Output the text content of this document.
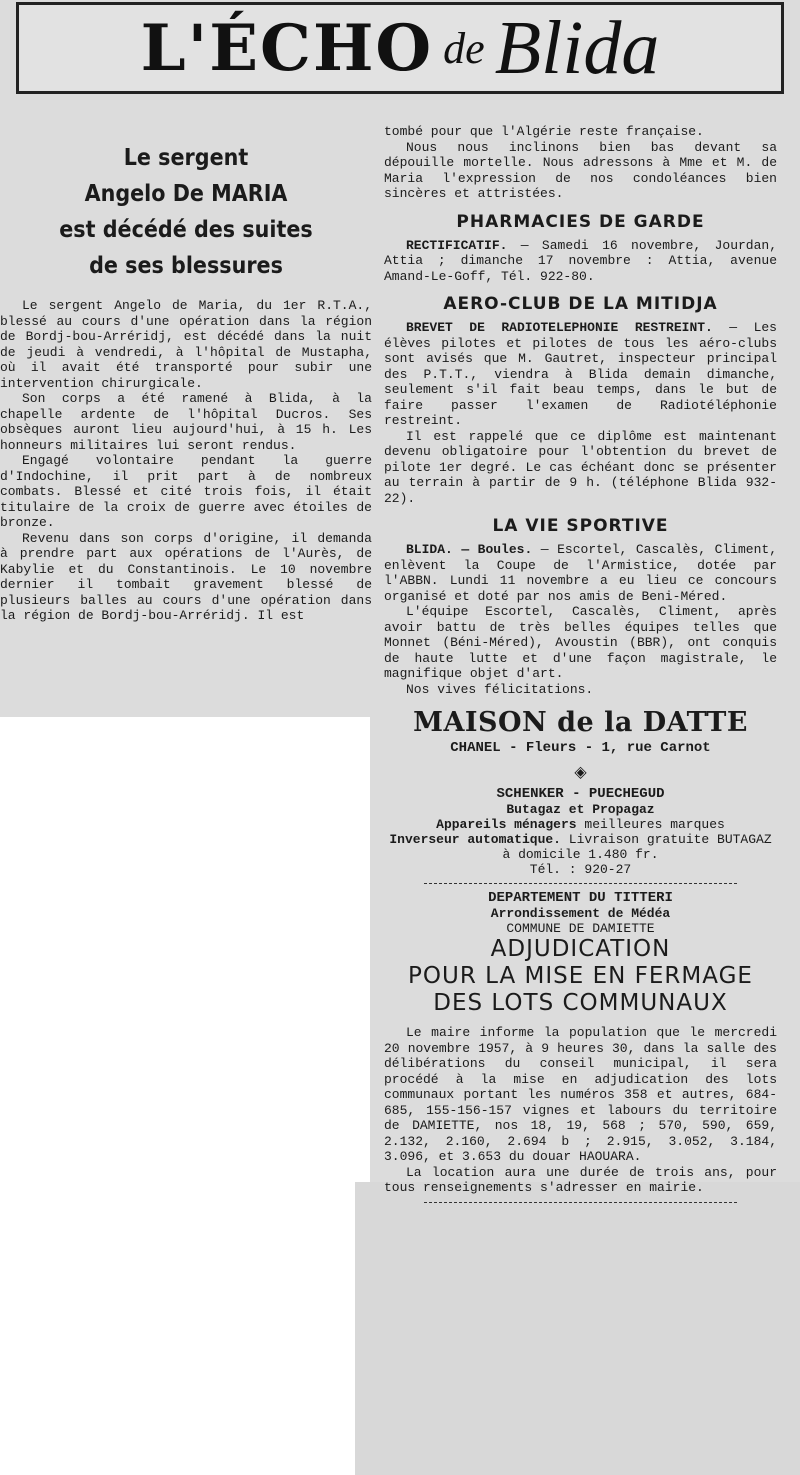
L'ÉCHO de Blida
Le sergent
Angelo De MARIA
est décédé des suites
de ses blessures

Le sergent Angelo de Maria, du 1er R.T.A., blessé au cours d'une opération dans la région de Bordj-bou-Arréridj, est décédé dans la nuit de jeudi à vendredi, à l'hôpital de Mustapha, où il avait été transporté pour subir une intervention chirurgicale.

Son corps a été ramené à Blida, à la chapelle ardente de l'hôpital Ducros. Ses obsèques auront lieu aujourd'hui, à 15 h. Les honneurs militaires lui seront rendus.

Engagé volontaire pendant la guerre d'Indochine, il prit part à de nombreux combats. Blessé et cité trois fois, il était titulaire de la croix de guerre avec étoiles de bronze.

Revenu dans son corps d'origine, il demanda à prendre part aux opérations de l'Aurès, de Kabylie et du Constantinois. Le 10 novembre dernier il tombait gravement blessé de plusieurs balles au cours d'une opération dans la région de Bordj-bou-Arréridj. Il est

tombé pour que l'Algérie reste française.

Nous nous inclinons bien bas devant sa dépouille mortelle. Nous adressons à Mme et M. de Maria l'expression de nos condoléances bien sincères et attristées.

PHARMACIES DE GARDE

RECTIFICATIF. — Samedi 16 novembre, Jourdan, Attia ; dimanche 17 novembre : Attia, avenue Amand-Le-Goff, Tél. 922-80.

AERO-CLUB DE LA MITIDJA

BREVET DE RADIOTELEPHONIE RESTREINT. — Les élèves pilotes et pilotes de tous les aéro-clubs sont avisés que M. Gautret, inspecteur principal des P.T.T., viendra à Blida demain dimanche, seulement s'il fait beau temps, dans le but de faire passer l'examen de Radiotéléphonie restreint.

Il est rappelé que ce diplôme est maintenant devenu obligatoire pour l'obtention du brevet de pilote 1er degré. Le cas échéant donc se présenter au terrain à partir de 9 h. (téléphone Blida 932-22).

LA VIE SPORTIVE

BLIDA. — Boules. — Escortel, Cascalès, Climent, enlèvent la Coupe de l'Armistice, dotée par l'ABBN. Lundi 11 novembre a eu lieu ce concours organisé et doté par nos amis de Beni-Méred.

L'équipe Escortel, Cascalès, Climent, après avoir battu de très belles équipes telles que Monnet (Béni-Méred), Avoustin (BBR), ont conquis de haute lutte et d'une façon magistrale, le magnifique objet d'art.

Nos vives félicitations.

MAISON de la DATTE
CHANEL - Fleurs - 1, rue Carnot
◈
SCHENKER - PUECHEGUD
Butagaz et Propagaz
Appareils ménagers meilleures marques
Inverseur automatique. Livraison gratuite BUTAGAZ à domicile 1.480 fr.
Tél. : 920-27
DEPARTEMENT DU TITTERI
Arrondissement de Médéa
COMMUNE DE DAMIETTE
ADJUDICATION
POUR LA MISE EN FERMAGE
DES LOTS COMMUNAUX

Le maire informe la population que le mercredi 20 novembre 1957, à 9 heures 30, dans la salle des délibérations du conseil municipal, il sera procédé à la mise en adjudication des lots communaux portant les numéros 358 et autres, 684-685, 155-156-157 vignes et labours du territoire de DAMIETTE, nos 18, 19, 568 ; 570, 590, 659, 2.132, 2.160, 2.694 b ; 2.915, 3.052, 3.184, 3.096, et 3.653 du douar HAOUARA.

La location aura une durée de trois ans, pour tous renseignements s'adresser en mairie.
